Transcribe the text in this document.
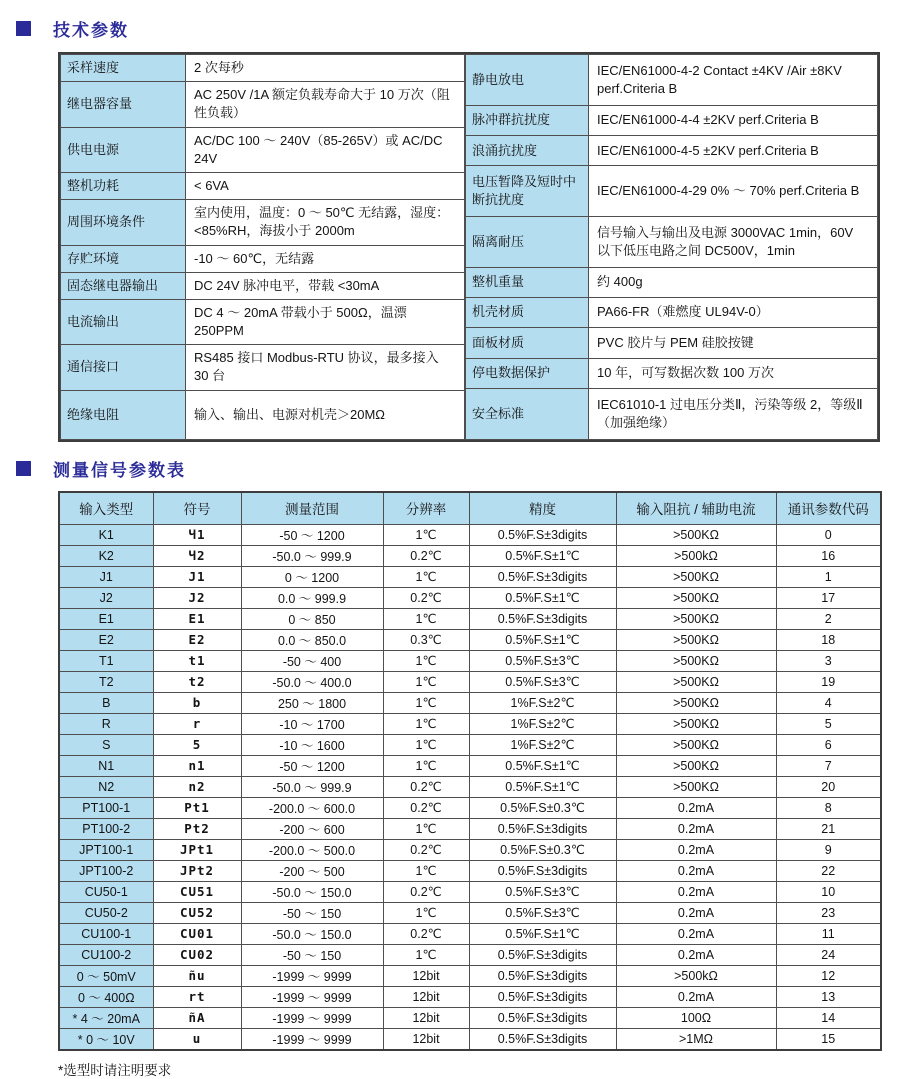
技术参数
采样速度	2 次每秒
继电器容量	AC 250V /1A 额定负载寿命大于 10 万次（阻性负载）
供电电源	AC/DC 100 ～ 240V（85-265V）或 AC/DC 24V
整机功耗	< 6VA
周围环境条件	室内使用，温度：0 ～ 50℃ 无结露，湿度：<85%RH，海拔小于 2000m
存贮环境	-10 ～ 60℃，无结露
固态继电器输出	DC 24V 脉冲电平，带载 <30mA
电流输出	DC 4 ～ 20mA 带载小于 500Ω，温漂 250PPM
通信接口	RS485 接口 Modbus-RTU 协议，最多接入 30 台
绝缘电阻	输入、输出、电源对机壳＞20MΩ
静电放电	IEC/EN61000-4-2 Contact ±4KV /Air ±8KV perf.Criteria B
脉冲群抗扰度	IEC/EN61000-4-4 ±2KV perf.Criteria B
浪涌抗扰度	IEC/EN61000-4-5 ±2KV perf.Criteria B
电压暂降及短时中断抗扰度	IEC/EN61000-4-29 0% ～ 70% perf.Criteria B
隔离耐压	信号输入与输出及电源 3000VAC 1min，60V 以下低压电路之间 DC500V，1min
整机重量	约 400g
机壳材质	PA66-FR（难燃度 UL94V-0）
面板材质	PVC 胶片与 PEM 硅胶按键
停电数据保护	10 年，可写数据次数 100 万次
安全标准	IEC61010-1 过电压分类Ⅱ，污染等级 2，等级Ⅱ（加强绝缘）
测量信号参数表
输入类型	符号	测量范围	分辨率	精度	输入阻抗 / 辅助电流	通讯参数代码
K1	Ч1	-50 ～ 1200	1℃	0.5%F.S±3digits	>500KΩ	0
K2	Ч2	-50.0 ～ 999.9	0.2℃	0.5%F.S±1℃	>500kΩ	16
J1	J1	0 ～ 1200	1℃	0.5%F.S±3digits	>500KΩ	1
J2	J2	0.0 ～ 999.9	0.2℃	0.5%F.S±1℃	>500KΩ	17
E1	E1	0 ～ 850	1℃	0.5%F.S±3digits	>500KΩ	2
E2	E2	0.0 ～ 850.0	0.3℃	0.5%F.S±1℃	>500KΩ	18
T1	t1	-50 ～ 400	1℃	0.5%F.S±3℃	>500KΩ	3
T2	t2	-50.0 ～ 400.0	1℃	0.5%F.S±3℃	>500KΩ	19
B	b	250 ～ 1800	1℃	1%F.S±2℃	>500KΩ	4
R	r	-10 ～ 1700	1℃	1%F.S±2℃	>500KΩ	5
S	5	-10 ～ 1600	1℃	1%F.S±2℃	>500KΩ	6
N1	n1	-50 ～ 1200	1℃	0.5%F.S±1℃	>500KΩ	7
N2	n2	-50.0 ～ 999.9	0.2℃	0.5%F.S±1℃	>500KΩ	20
PT100-1	Pt1	-200.0 ～ 600.0	0.2℃	0.5%F.S±0.3℃	0.2mA	8
PT100-2	Pt2	-200 ～ 600	1℃	0.5%F.S±3digits	0.2mA	21
JPT100-1	JPt1	-200.0 ～ 500.0	0.2℃	0.5%F.S±0.3℃	0.2mA	9
JPT100-2	JPt2	-200 ～ 500	1℃	0.5%F.S±3digits	0.2mA	22
CU50-1	CU51	-50.0 ～ 150.0	0.2℃	0.5%F.S±3℃	0.2mA	10
CU50-2	CU52	-50 ～ 150	1℃	0.5%F.S±3℃	0.2mA	23
CU100-1	CU01	-50.0 ～ 150.0	0.2℃	0.5%F.S±1℃	0.2mA	11
CU100-2	CU02	-50 ～ 150	1℃	0.5%F.S±3digits	0.2mA	24
0 ～ 50mV	ñu	-1999 ～ 9999	12bit	0.5%F.S±3digits	>500kΩ	12
0 ～ 400Ω	rt	-1999 ～ 9999	12bit	0.5%F.S±3digits	0.2mA	13
* 4 ～ 20mA	ñA	-1999 ～ 9999	12bit	0.5%F.S±3digits	100Ω	14
* 0 ～ 10V	u	-1999 ～ 9999	12bit	0.5%F.S±3digits	>1MΩ	15
*选型时请注明要求
